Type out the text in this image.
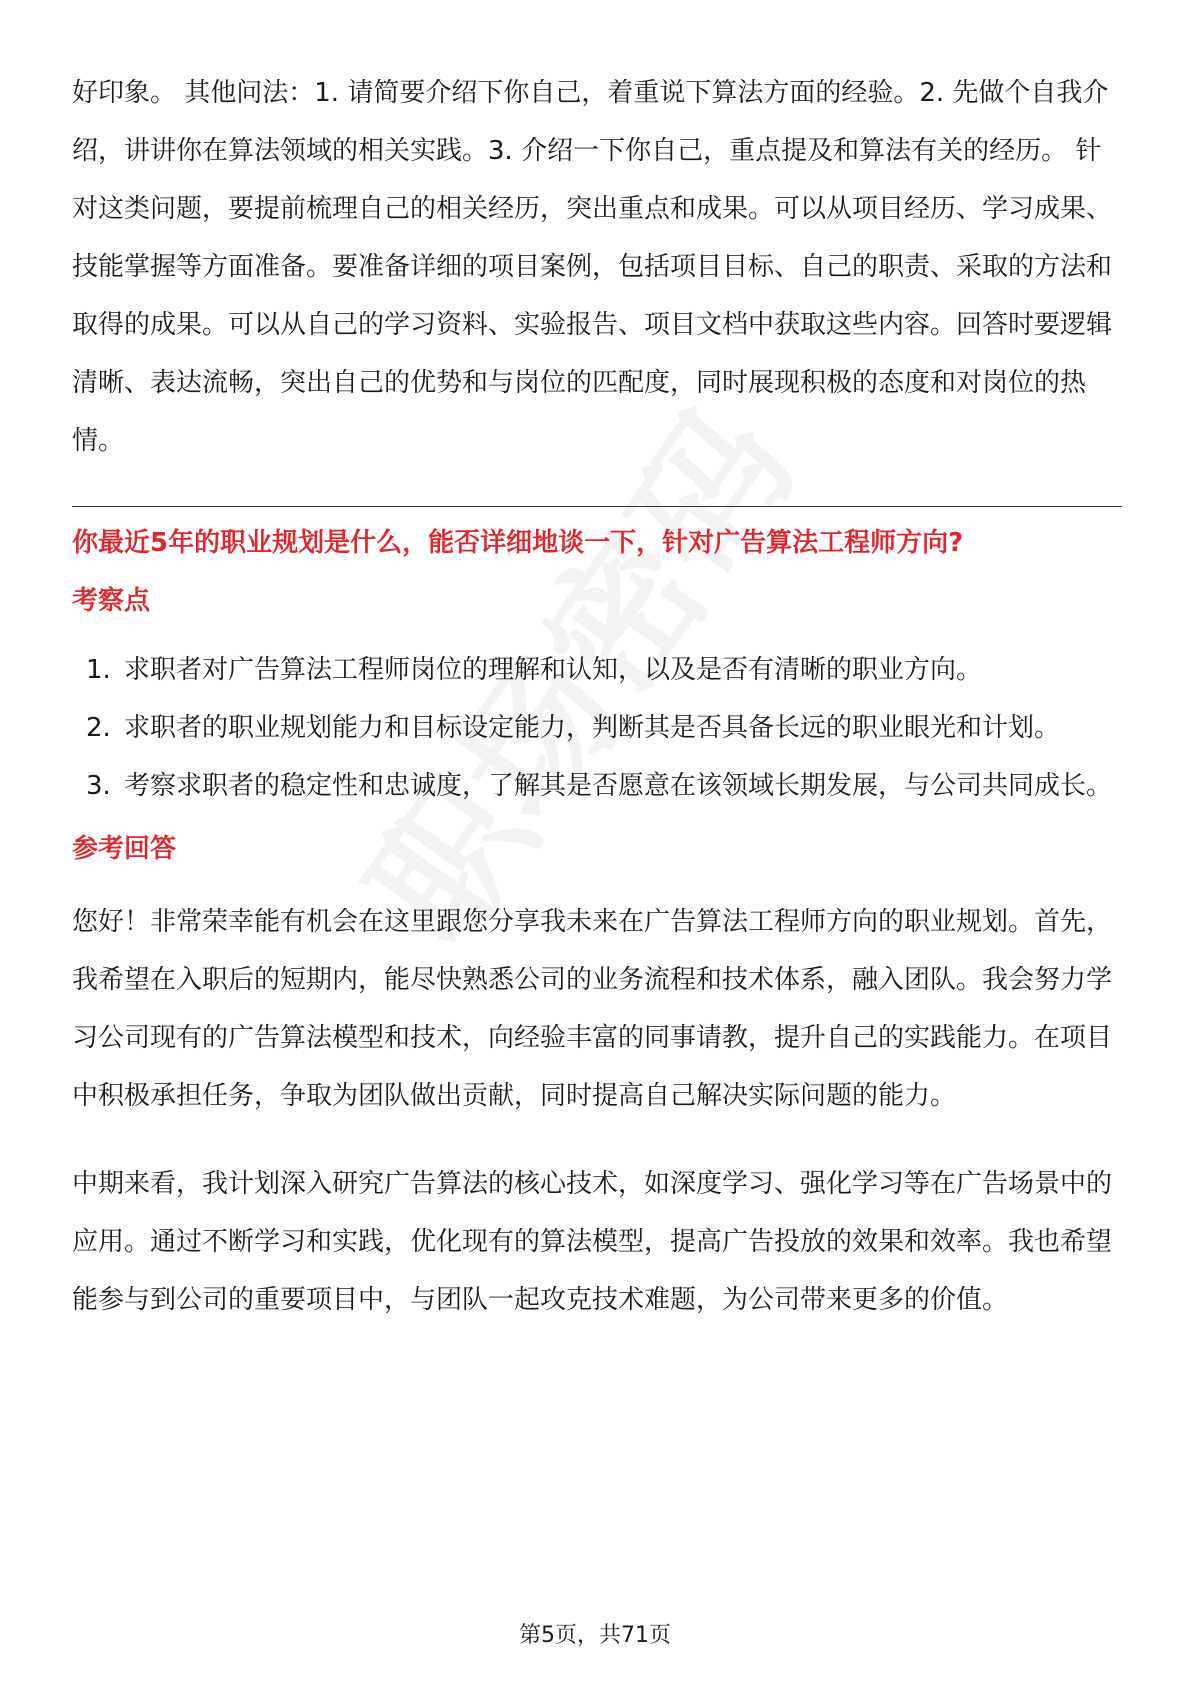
好印象。 其他问法：1. 请简要介绍下你自己，着重说下算法方面的经验。2. 先做个自我介绍，讲讲你在算法领域的相关实践。3. 介绍一下你自己，重点提及和算法有关的经历。 针对这类问题，要提前梳理自己的相关经历，突出重点和成果。可以从项目经历、学习成果、技能掌握等方面准备。要准备详细的项目案例，包括项目目标、自己的职责、采取的方法和取得的成果。可以从自己的学习资料、实验报告、项目文档中获取这些内容。回答时要逻辑清晰、表达流畅，突出自己的优势和与岗位的匹配度，同时展现积极的态度和对岗位的热情。

你最近5年的职业规划是什么，能否详细地谈一下，针对广告算法工程师方向?
考察点
1. 求职者对广告算法工程师岗位的理解和认知，以及是否有清晰的职业方向。
2. 求职者的职业规划能力和目标设定能力，判断其是否具备长远的职业眼光和计划。
3. 考察求职者的稳定性和忠诚度，了解其是否愿意在该领域长期发展，与公司共同成长。
参考回答

您好！非常荣幸能有机会在这里跟您分享我未来在广告算法工程师方向的职业规划。首先，我希望在入职后的短期内，能尽快熟悉公司的业务流程和技术体系，融入团队。我会努力学习公司现有的广告算法模型和技术，向经验丰富的同事请教，提升自己的实践能力。在项目中积极承担任务，争取为团队做出贡献，同时提高自己解决实际问题的能力。

中期来看，我计划深入研究广告算法的核心技术，如深度学习、强化学习等在广告场景中的应用。通过不断学习和实践，优化现有的算法模型，提高广告投放的效果和效率。我也希望能参与到公司的重要项目中，与团队一起攻克技术难题，为公司带来更多的价值。

第5页，共71页
